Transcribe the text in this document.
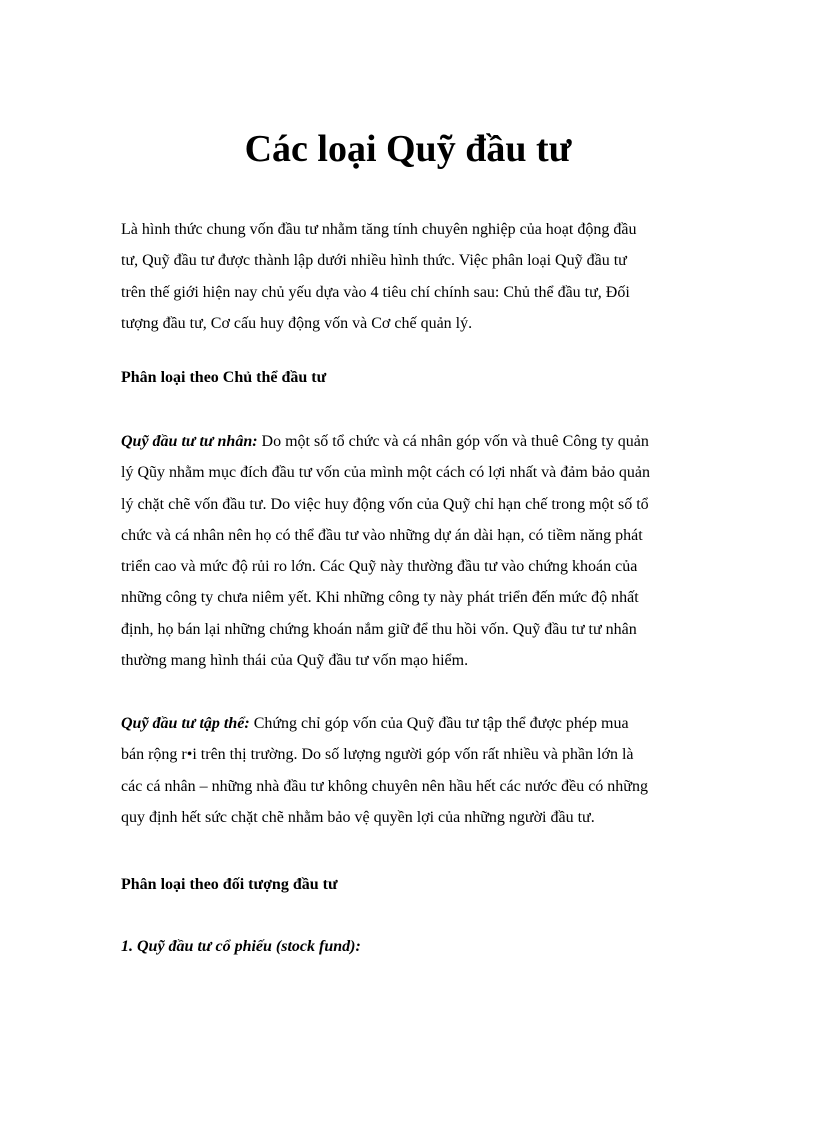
Các loại Quỹ đầu tư

Là hình thức chung vốn đầu tư nhằm tăng tính chuyên nghiệp của hoạt động đầu
tư, Quỹ đầu tư được thành lập dưới nhiều hình thức. Việc phân loại Quỹ đầu tư
trên thế giới hiện nay chủ yếu dựa vào 4 tiêu chí chính sau: Chủ thể đầu tư, Đối
tượng đầu tư, Cơ cấu huy động vốn và Cơ chế quản lý.

Phân loại theo Chủ thể đầu tư

Quỹ đầu tư tư nhân: Do một số tổ chức và cá nhân góp vốn và thuê Công ty quản
lý Qũy nhằm mục đích đầu tư vốn của mình một cách có lợi nhất và đảm bảo quản
lý chặt chẽ vốn đầu tư. Do việc huy động vốn của Quỹ chỉ hạn chế trong một số tổ
chức và cá nhân nên họ có thể đầu tư vào những dự án dài hạn, có tiềm năng phát
triển cao và mức độ rủi ro lớn. Các Quỹ này thường đầu tư vào chứng khoán của
những công ty chưa niêm yết. Khi những công ty này phát triển đến mức độ nhất
định, họ bán lại những chứng khoán nắm giữ để thu hồi vốn. Quỹ đầu tư tư nhân
thường mang hình thái của Quỹ đầu tư vốn mạo hiểm.

Quỹ đầu tư tập thể: Chứng chỉ góp vốn của Quỹ đầu tư tập thể được phép mua
bán rộng r•i trên thị trường. Do số lượng người góp vốn rất nhiều và phần lớn là
các cá nhân – những nhà đầu tư không chuyên nên hầu hết các nước đều có những
quy định hết sức chặt chẽ nhằm bảo vệ quyền lợi của những người đầu tư.

Phân loại theo đối tượng đầu tư
1. Quỹ đầu tư cổ phiếu (stock fund):
